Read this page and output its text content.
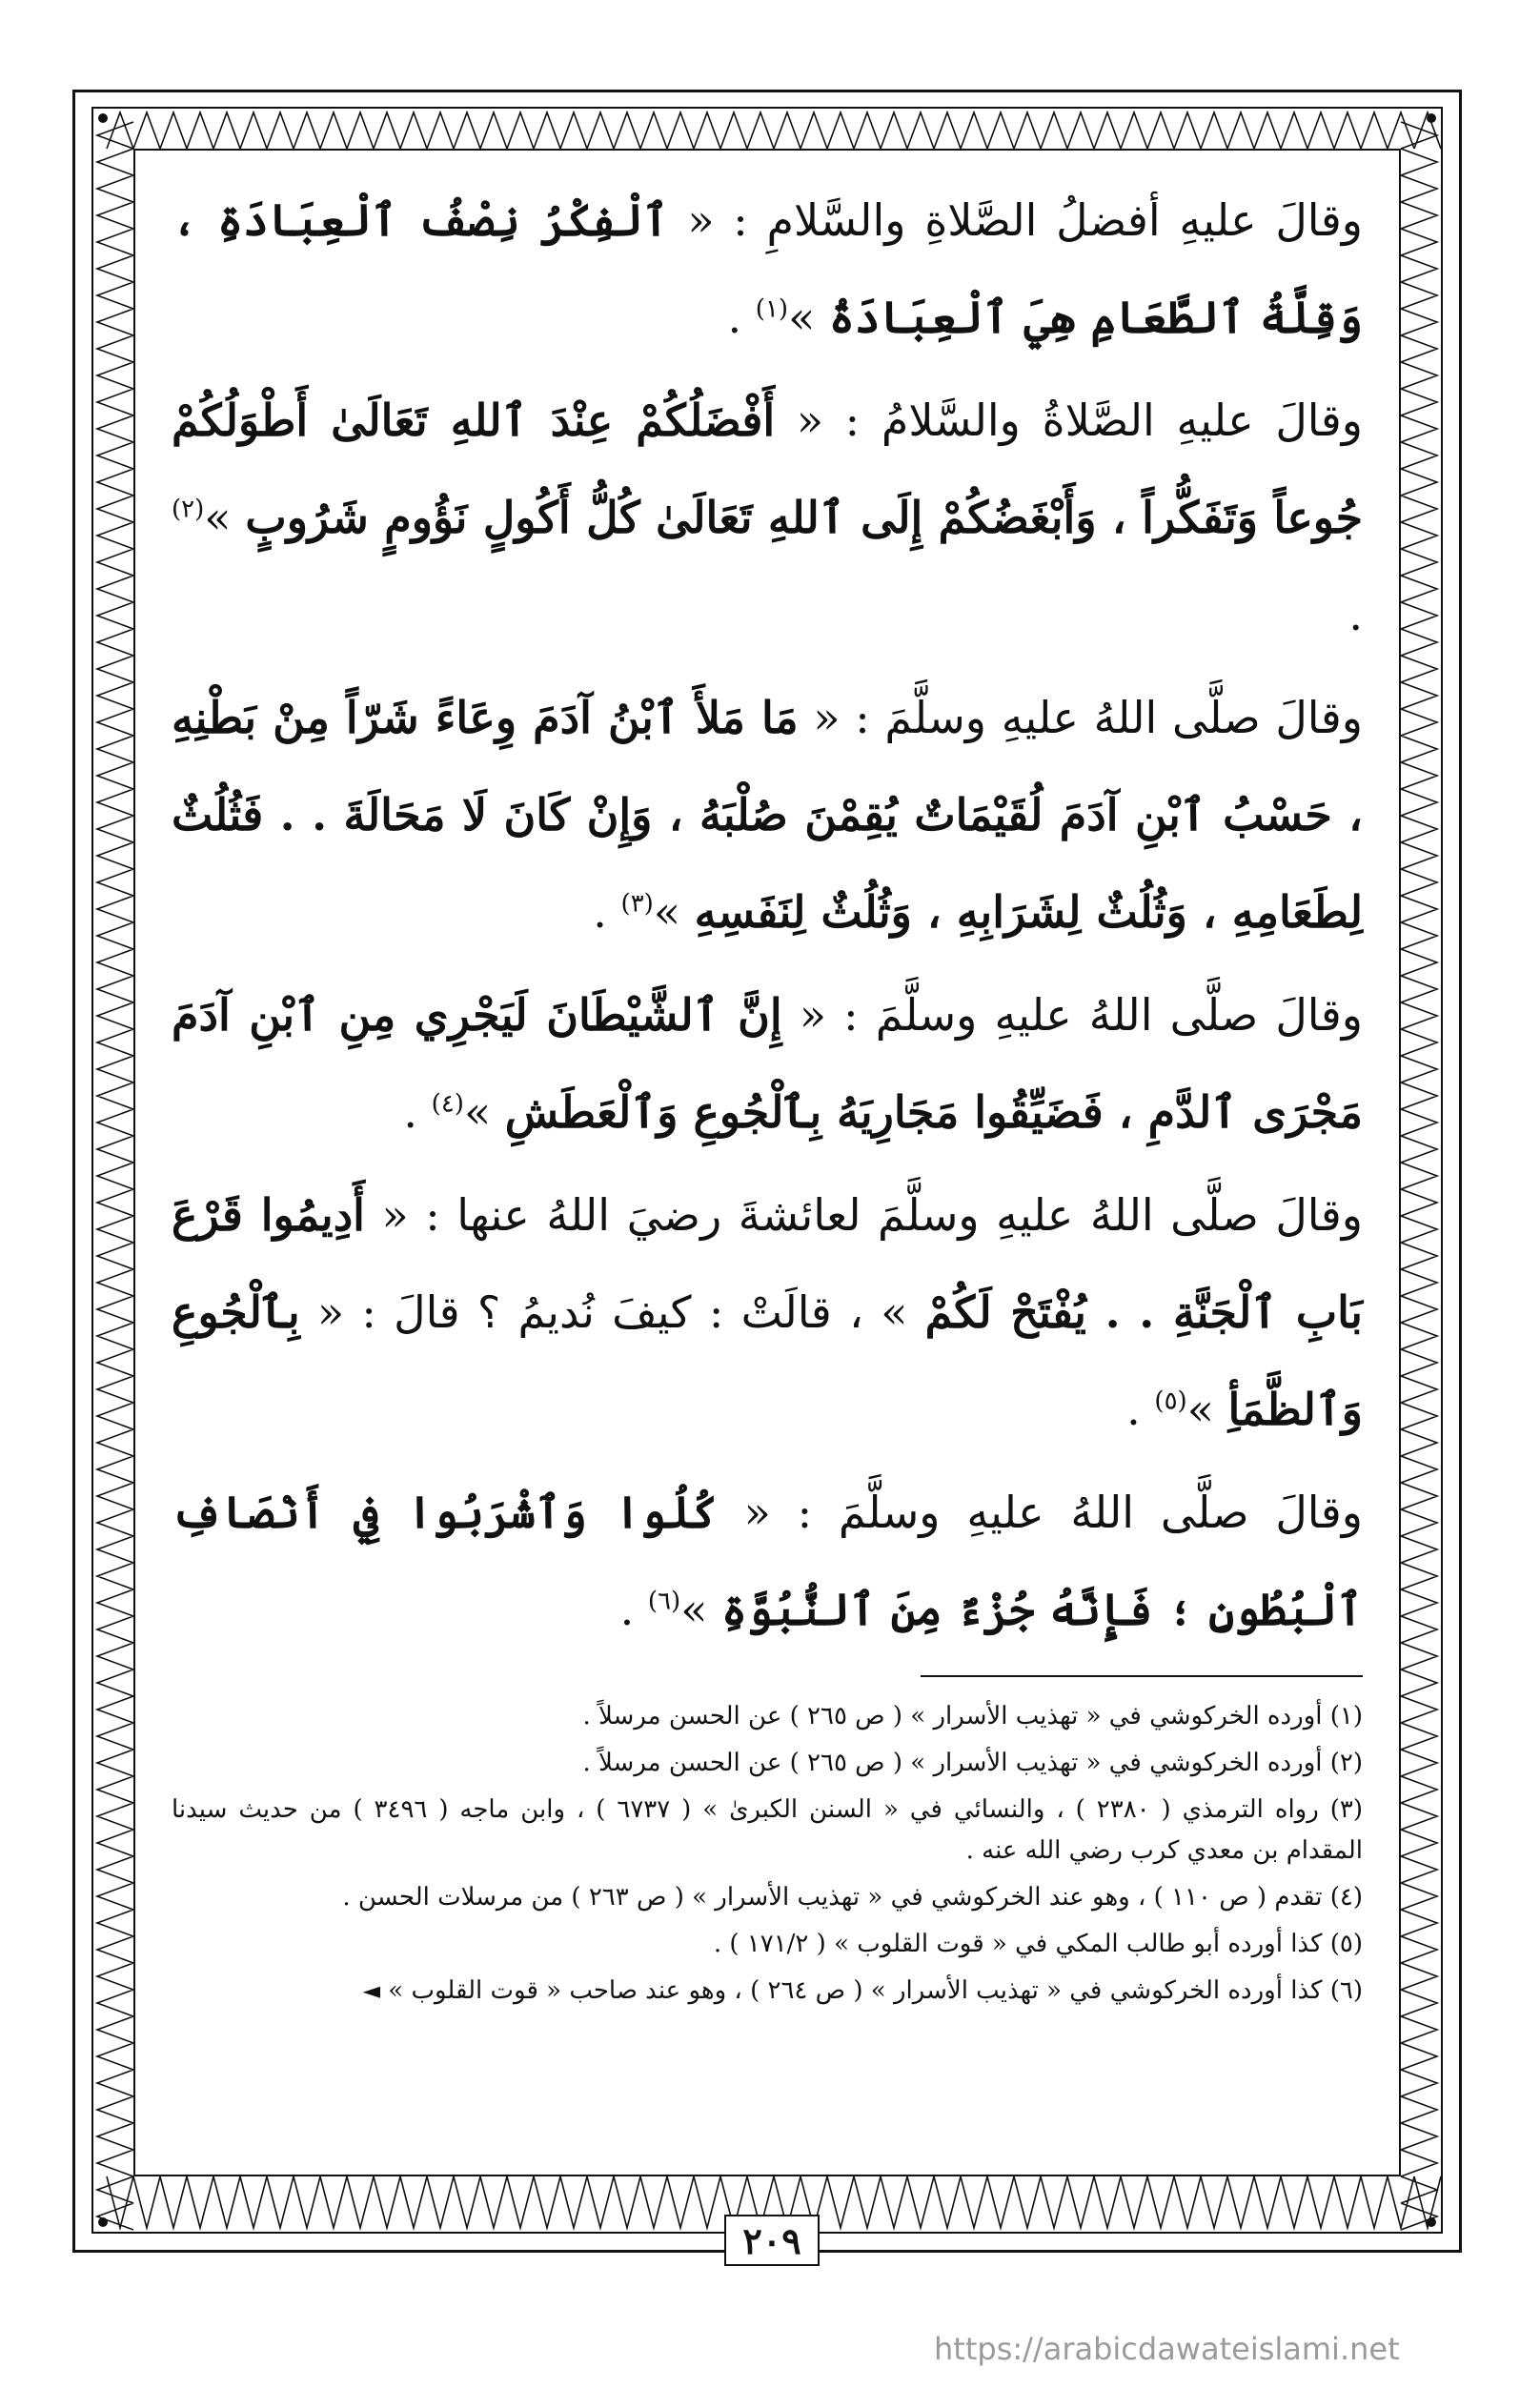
وقالَ عليهِ أفضلُ الصَّلاةِ والسَّلامِ : « ٱلْفِكْرُ نِصْفُ ٱلْعِبَادَةِ ، وَقِلَّةُ ٱلطَّعَامِ هِيَ ٱلْعِبَادَةُ »$^{(١)}$ .

وقالَ عليهِ الصَّلاةُ والسَّلامُ : « أَفْضَلُكُمْ عِنْدَ ٱللهِ تَعَالَىٰ أَطْوَلُكُمْ جُوعاً وَتَفَكُّراً ، وَأَبْغَضُكُمْ إِلَى ٱللهِ تَعَالَىٰ كُلُّ أَكُولٍ نَؤُومٍ شَرُوبٍ »$^{(٢)}$ .

وقالَ صلَّى اللهُ عليهِ وسلَّمَ : « مَا مَلأَ ٱبْنُ آدَمَ وِعَاءً شَرّاً مِنْ بَطْنِهِ ، حَسْبُ ٱبْنِ آدَمَ لُقَيْمَاتٌ يُقِمْنَ صُلْبَهُ ، وَإِنْ كَانَ لَا مَحَالَةَ . . فَثُلُثٌ لِطَعَامِهِ ، وَثُلُثٌ لِشَرَابِهِ ، وَثُلُثٌ لِنَفَسِهِ »$^{(٣)}$ .

وقالَ صلَّى اللهُ عليهِ وسلَّمَ : « إِنَّ ٱلشَّيْطَانَ لَيَجْرِي مِنِ ٱبْنِ آدَمَ مَجْرَى ٱلدَّمِ ، فَضَيِّقُوا مَجَارِيَهُ بِٱلْجُوعِ وَٱلْعَطَشِ »$^{(٤)}$ .

وقالَ صلَّى اللهُ عليهِ وسلَّمَ لعائشةَ رضيَ اللهُ عنها : « أَدِيمُوا قَرْعَ بَابِ ٱلْجَنَّةِ . . يُفْتَحْ لَكُمْ » ، قالَتْ : كيفَ نُديمُ ؟ قالَ : « بِٱلْجُوعِ وَٱلظَّمَأِ »$^{(٥)}$ .

وقالَ صلَّى اللهُ عليهِ وسلَّمَ : « كُلُوا وَٱشْرَبُوا فِي أَنْصَافِ ٱلْبُطُونِ ؛ فَإِنَّهُ جُزْءٌ مِنَ ٱلنُّبُوَّةِ »$^{(٦)}$ .

(١) أورده الخركوشي في « تهذيب الأسرار » ( ص ٢٦٥ ) عن الحسن مرسلاً .

(٢) أورده الخركوشي في « تهذيب الأسرار » ( ص ٢٦٥ ) عن الحسن مرسلاً .

(٣) رواه الترمذي ( ٢٣٨٠ ) ، والنسائي في « السنن الكبرىٰ » ( ٦٧٣٧ ) ، وابن ماجه ( ٣٤٩٦ ) من حديث سيدنا المقدام بن معدي كرب رضي الله عنه .

(٤) تقدم ( ص ١١٠ ) ، وهو عند الخركوشي في « تهذيب الأسرار » ( ص ٢٦٣ ) من مرسلات الحسن .

(٥) كذا أورده أبو طالب المكي في « قوت القلوب » ( ١٧١/٢ ) .

(٦) كذا أورده الخركوشي في « تهذيب الأسرار » ( ص ٢٦٤ ) ، وهو عند صاحب « قوت القلوب » ◄

٢٠٩
https://arabicdawateislami.net
